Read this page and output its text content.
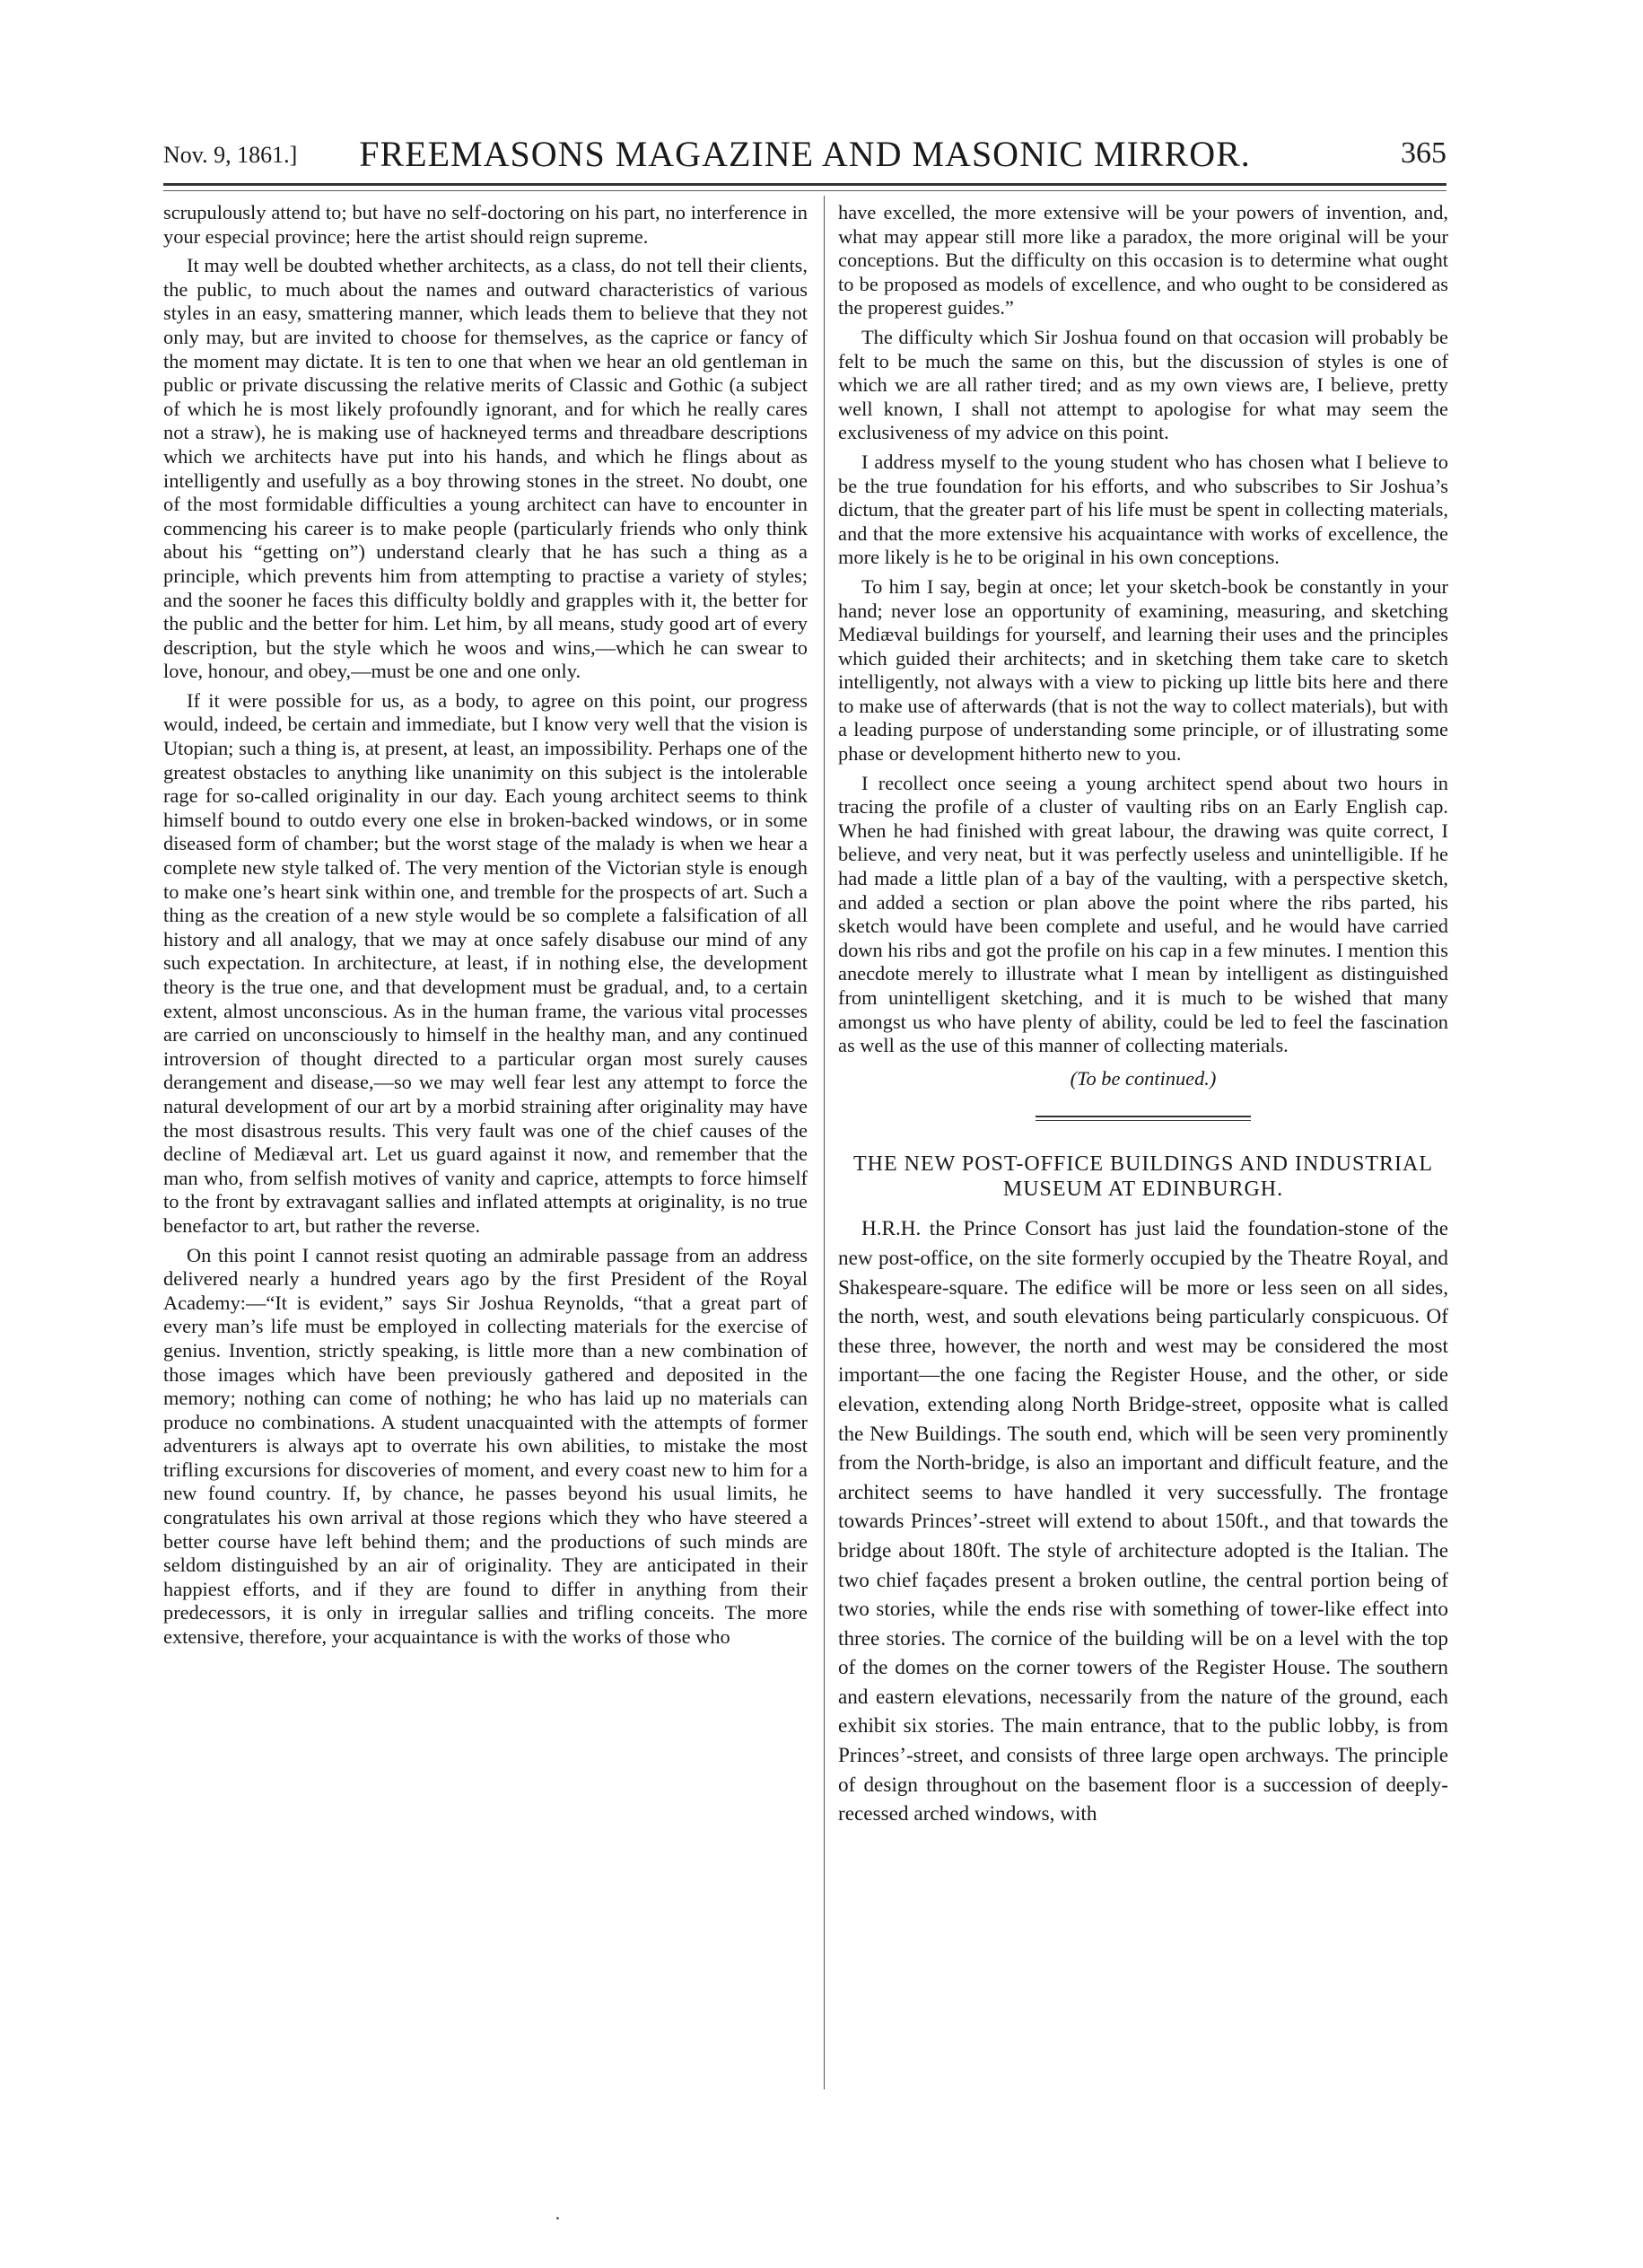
Nov. 9, 1861.]	FREEMASONS MAGAZINE AND MASONIC MIRROR.	365

scrupulously attend to; but have no self-doctoring on his part, no interference in your especial province; here the artist should reign supreme.

It may well be doubted whether architects, as a class, do not tell their clients, the public, to much about the names and outward characteristics of various styles in an easy, smattering manner, which leads them to believe that they not only may, but are invited to choose for themselves, as the caprice or fancy of the moment may dictate. It is ten to one that when we hear an old gentleman in public or private discussing the relative merits of Classic and Gothic (a subject of which he is most likely profoundly ignorant, and for which he really cares not a straw), he is making use of hackneyed terms and threadbare descriptions which we architects have put into his hands, and which he flings about as intelligently and usefully as a boy throwing stones in the street. No doubt, one of the most formidable difficulties a young architect can have to encounter in commencing his career is to make people (particularly friends who only think about his “getting on”) understand clearly that he has such a thing as a principle, which prevents him from attempting to practise a variety of styles; and the sooner he faces this difficulty boldly and grapples with it, the better for the public and the better for him. Let him, by all means, study good art of every description, but the style which he woos and wins,—which he can swear to love, honour, and obey,—must be one and one only.

If it were possible for us, as a body, to agree on this point, our progress would, indeed, be certain and immediate, but I know very well that the vision is Utopian; such a thing is, at present, at least, an impossibility. Perhaps one of the greatest obstacles to anything like unanimity on this subject is the intolerable rage for so-called originality in our day. Each young architect seems to think himself bound to outdo every one else in broken-backed windows, or in some diseased form of chamber; but the worst stage of the malady is when we hear a complete new style talked of. The very mention of the Victorian style is enough to make one’s heart sink within one, and tremble for the prospects of art. Such a thing as the creation of a new style would be so complete a falsification of all history and all analogy, that we may at once safely disabuse our mind of any such expectation. In architecture, at least, if in nothing else, the development theory is the true one, and that development must be gradual, and, to a certain extent, almost unconscious. As in the human frame, the various vital processes are carried on unconsciously to himself in the healthy man, and any continued introversion of thought directed to a particular organ most surely causes derangement and disease,—so we may well fear lest any attempt to force the natural development of our art by a morbid straining after originality may have the most disastrous results. This very fault was one of the chief causes of the decline of Mediæval art. Let us guard against it now, and remember that the man who, from selfish motives of vanity and caprice, attempts to force himself to the front by extravagant sallies and inflated attempts at originality, is no true benefactor to art, but rather the reverse.

On this point I cannot resist quoting an admirable passage from an address delivered nearly a hundred years ago by the first President of the Royal Academy:—“It is evident,” says Sir Joshua Reynolds, “that a great part of every man’s life must be employed in collecting materials for the exercise of genius. Invention, strictly speaking, is little more than a new combination of those images which have been previously gathered and deposited in the memory; nothing can come of nothing; he who has laid up no materials can produce no combinations. A student unacquainted with the attempts of former adventurers is always apt to overrate his own abilities, to mistake the most trifling excursions for discoveries of moment, and every coast new to him for a new found country. If, by chance, he passes beyond his usual limits, he congratulates his own arrival at those regions which they who have steered a better course have left behind them; and the productions of such minds are seldom distinguished by an air of originality. They are anticipated in their happiest efforts, and if they are found to differ in anything from their predecessors, it is only in irregular sallies and trifling conceits. The more extensive, therefore, your acquaintance is with the works of those who

have excelled, the more extensive will be your powers of invention, and, what may appear still more like a paradox, the more original will be your conceptions. But the difficulty on this occasion is to determine what ought to be proposed as models of excellence, and who ought to be considered as the properest guides.”

The difficulty which Sir Joshua found on that occasion will probably be felt to be much the same on this, but the discussion of styles is one of which we are all rather tired; and as my own views are, I believe, pretty well known, I shall not attempt to apologise for what may seem the exclusiveness of my advice on this point.

I address myself to the young student who has chosen what I believe to be the true foundation for his efforts, and who subscribes to Sir Joshua’s dictum, that the greater part of his life must be spent in collecting materials, and that the more extensive his acquaintance with works of excellence, the more likely is he to be original in his own conceptions.

To him I say, begin at once; let your sketch-book be constantly in your hand; never lose an opportunity of examining, measuring, and sketching Mediæval buildings for yourself, and learning their uses and the principles which guided their architects; and in sketching them take care to sketch intelligently, not always with a view to picking up little bits here and there to make use of afterwards (that is not the way to collect materials), but with a leading purpose of understanding some principle, or of illustrating some phase or development hitherto new to you.

I recollect once seeing a young architect spend about two hours in tracing the profile of a cluster of vaulting ribs on an Early English cap. When he had finished with great labour, the drawing was quite correct, I believe, and very neat, but it was perfectly useless and unintelligible. If he had made a little plan of a bay of the vaulting, with a perspective sketch, and added a section or plan above the point where the ribs parted, his sketch would have been complete and useful, and he would have carried down his ribs and got the profile on his cap in a few minutes. I mention this anecdote merely to illustrate what I mean by intelligent as distinguished from unintelligent sketching, and it is much to be wished that many amongst us who have plenty of ability, could be led to feel the fascination as well as the use of this manner of collecting materials.

(To be continued.)
THE NEW POST-OFFICE BUILDINGS AND INDUSTRIAL MUSEUM AT EDINBURGH.

H.R.H. the Prince Consort has just laid the foundation-stone of the new post-office, on the site formerly occupied by the Theatre Royal, and Shakespeare-square. The edifice will be more or less seen on all sides, the north, west, and south elevations being particularly conspicuous. Of these three, however, the north and west may be considered the most important—the one facing the Register House, and the other, or side elevation, extending along North Bridge-street, opposite what is called the New Buildings. The south end, which will be seen very prominently from the North-bridge, is also an important and difficult feature, and the architect seems to have handled it very successfully. The frontage towards Princes’-street will extend to about 150ft., and that towards the bridge about 180ft. The style of architecture adopted is the Italian. The two chief façades present a broken outline, the central portion being of two stories, while the ends rise with something of tower-like effect into three stories. The cornice of the building will be on a level with the top of the domes on the corner towers of the Register House. The southern and eastern elevations, necessarily from the nature of the ground, each exhibit six stories. The main entrance, that to the public lobby, is from Princes’-street, and consists of three large open archways. The principle of design throughout on the basement floor is a succession of deeply-recessed arched windows, with
